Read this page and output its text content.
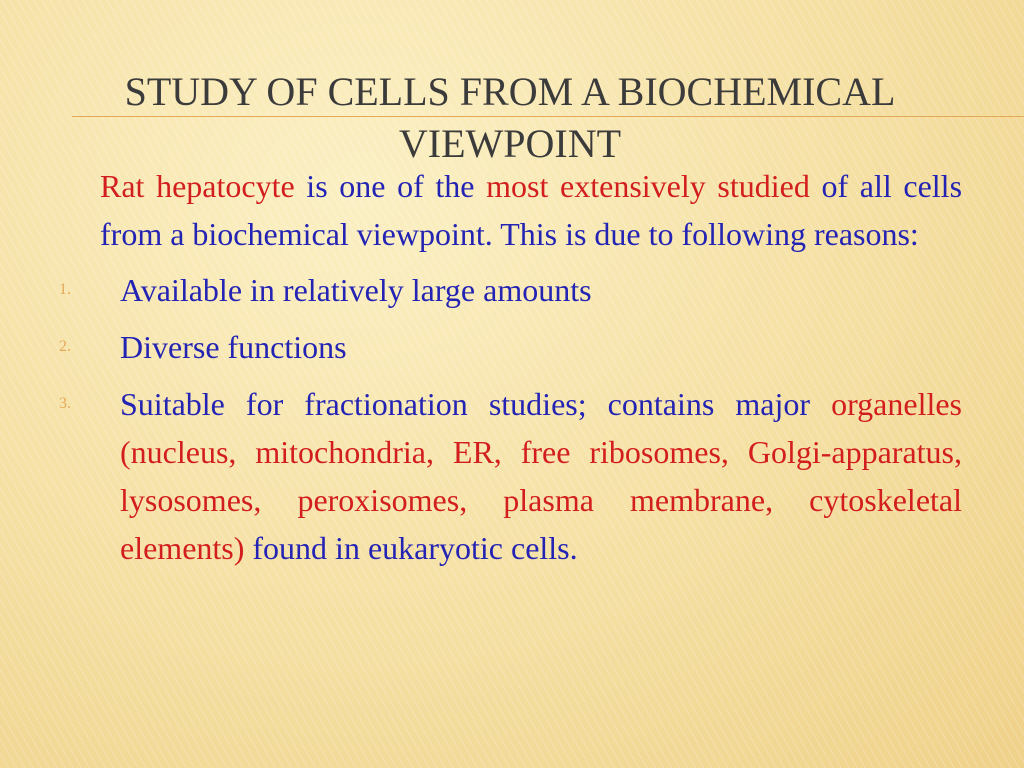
STUDY OF CELLS FROM A BIOCHEMICAL VIEWPOINT

Rat hepatocyte is one of the most extensively studied of all cells from a biochemical viewpoint. This is due to following reasons:

1. Available in relatively large amounts
2. Diverse functions
3. Suitable for fractionation studies; contains major organelles (nucleus, mitochondria, ER, free ribosomes, Golgi-apparatus, lysosomes, peroxisomes, plasma membrane, cytoskeletal elements) found in eukaryotic cells.
